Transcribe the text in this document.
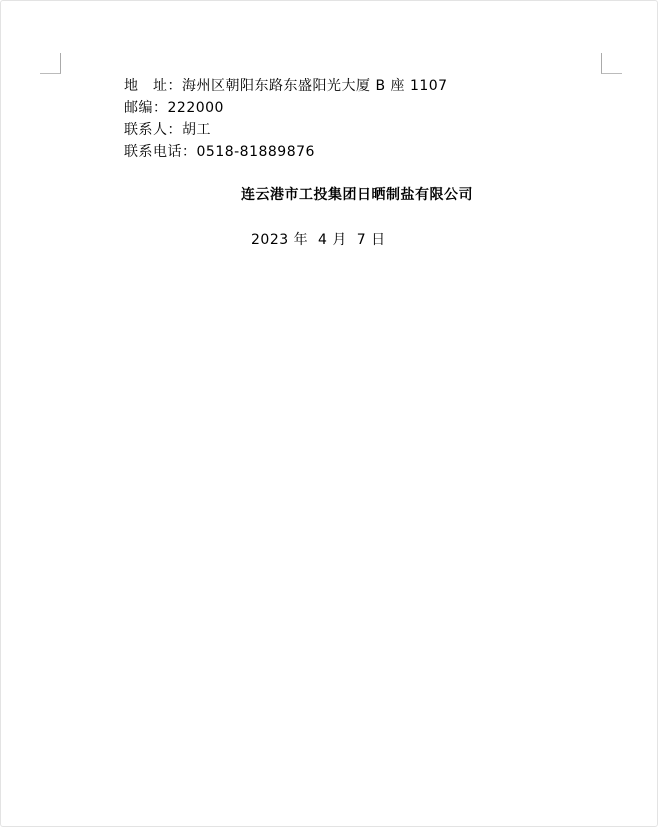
地　址：海州区朝阳东路东盛阳光大厦 B 座 1107
邮编：222000
联系人：胡工
联系电话：0518-81889876
连云港市工投集团日晒制盐有限公司
2023 年  4 月  7 日
